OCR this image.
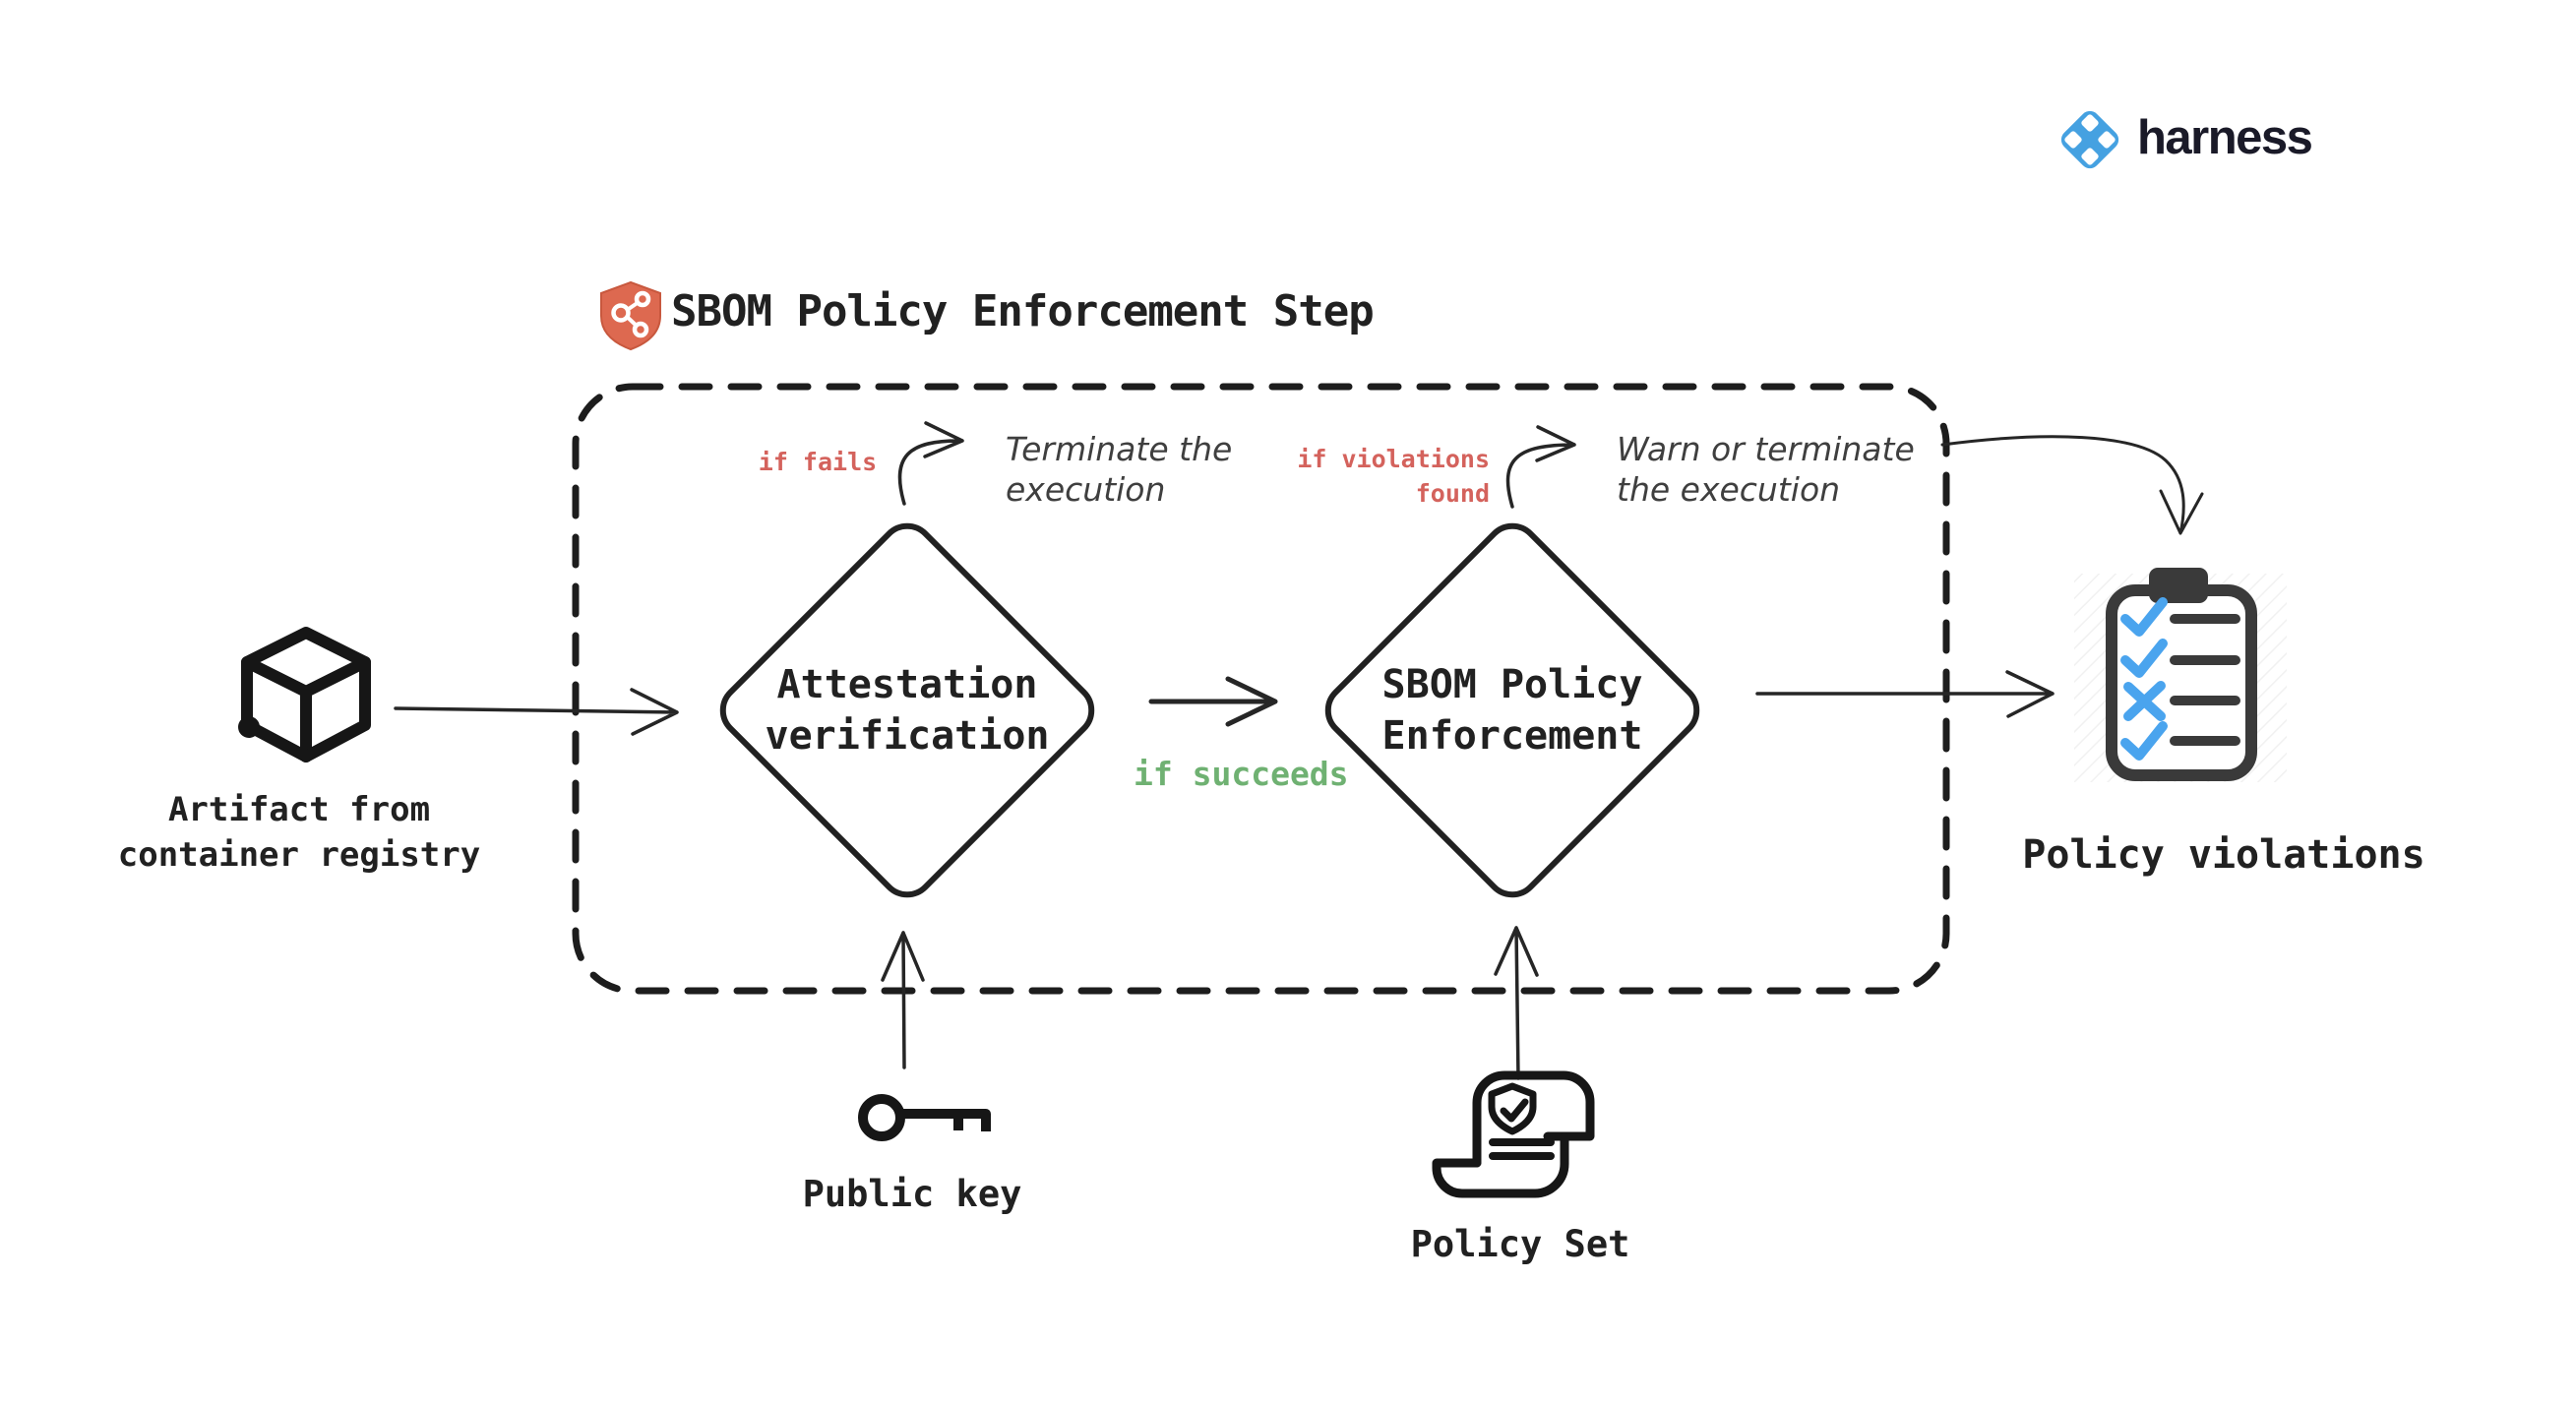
harness
SBOM Policy Enforcement Step
if fails	Terminate the execution
if violations found
Warn or terminate the execution
if succeeds
Attestation verification
SBOM Policy Enforcement
Artifact from container registry	Policy violations
Public key
Policy Set
